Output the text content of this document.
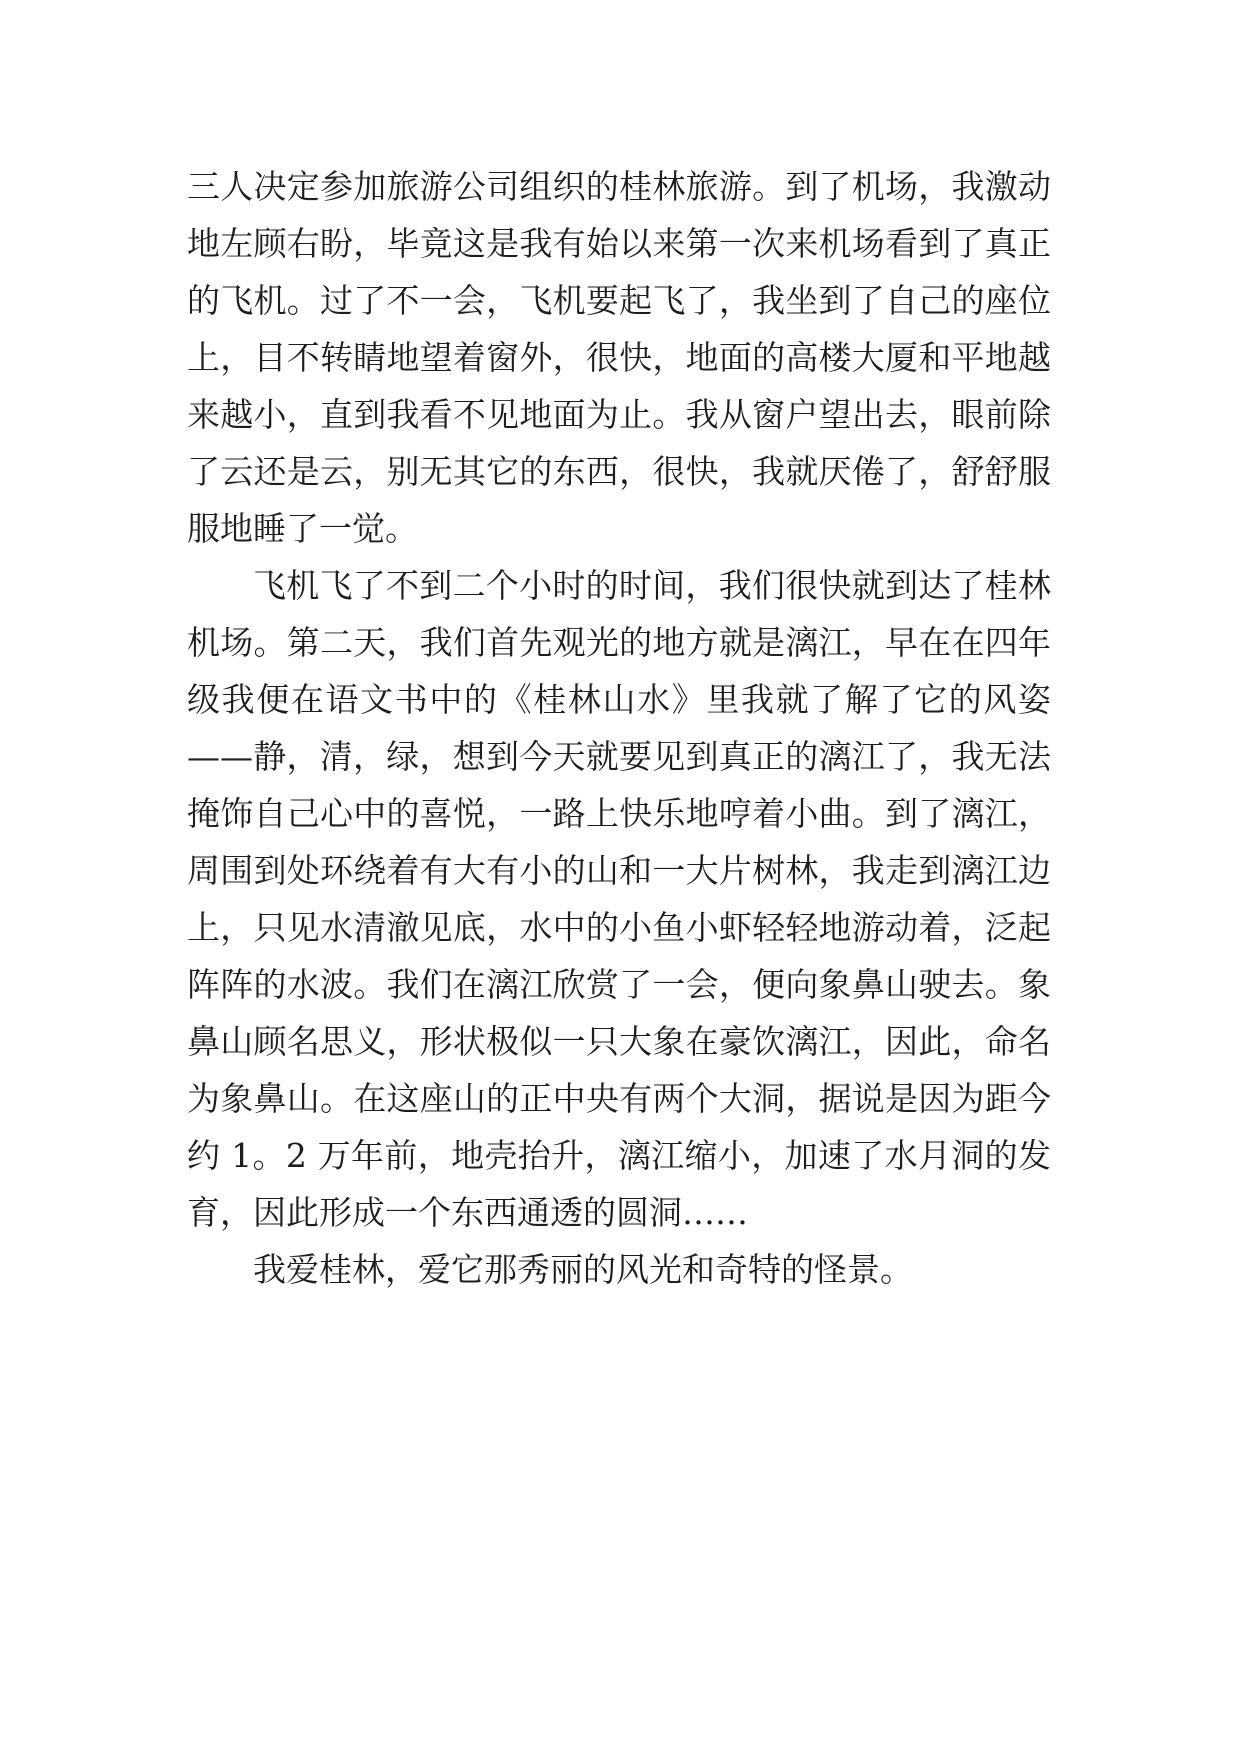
三人决定参加旅游公司组织的桂林旅游。到了机场，我激动
地左顾右盼，毕竟这是我有始以来第一次来机场看到了真正
的飞机。过了不一会，飞机要起飞了，我坐到了自己的座位
上，目不转睛地望着窗外，很快，地面的高楼大厦和平地越
来越小，直到我看不见地面为止。我从窗户望出去，眼前除
了云还是云，别无其它的东西，很快，我就厌倦了，舒舒服
服地睡了一觉。
飞机飞了不到二个小时的时间，我们很快就到达了桂林
机场。第二天，我们首先观光的地方就是漓江，早在在四年
级我便在语文书中的《桂林山水》里我就了解了它的风姿
——静，清，绿，想到今天就要见到真正的漓江了，我无法
掩饰自己心中的喜悦，一路上快乐地哼着小曲。到了漓江，
周围到处环绕着有大有小的山和一大片树林，我走到漓江边
上，只见水清澈见底，水中的小鱼小虾轻轻地游动着，泛起
阵阵的水波。我们在漓江欣赏了一会，便向象鼻山驶去。象
鼻山顾名思义，形状极似一只大象在豪饮漓江，因此，命名
为象鼻山。在这座山的正中央有两个大洞，据说是因为距今
约 1。2 万年前，地壳抬升，漓江缩小，加速了水月洞的发
育，因此形成一个东西通透的圆洞……
我爱桂林，爱它那秀丽的风光和奇特的怪景。
